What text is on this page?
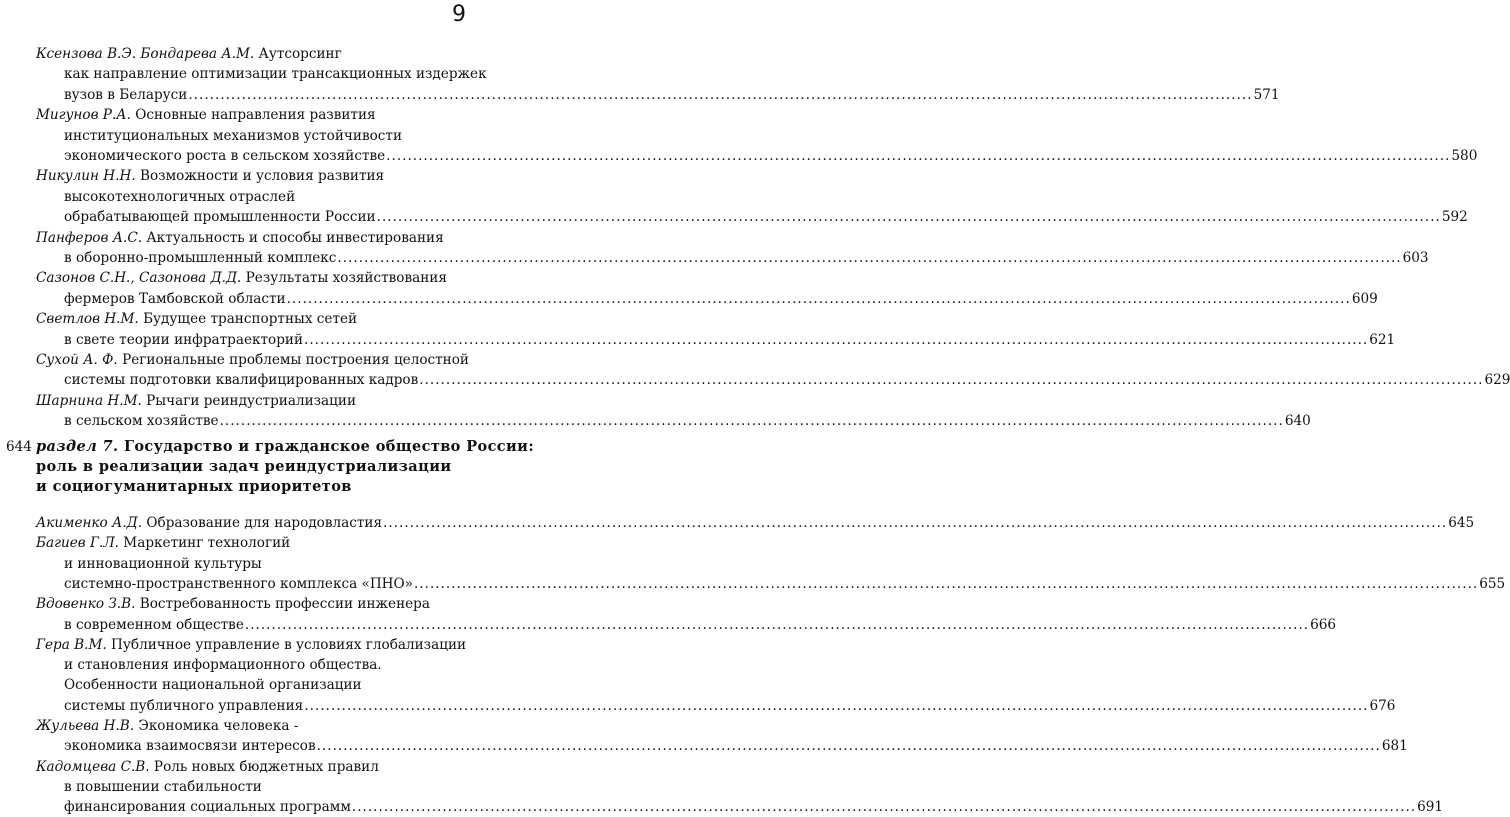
9
Ксензова В.Э. Бондарева А.М. Аутсорсинг
как направление оптимизации трансакционных издержек
вузов в Беларуси .....	571
Мигунов Р.А. Основные направления развития
институциональных механизмов устойчивости
экономического роста в сельском хозяйстве .....	580
Никулин Н.Н. Возможности и условия развития
высокотехнологичных отраслей
обрабатывающей промышленности России .....	592
Панферов А.С. Актуальность и способы инвестирования
в оборонно-промышленный комплекс .....	603
Сазонов С.Н., Сазонова Д.Д. Результаты хозяйствования
фермеров Тамбовской области .....	609
Светлов Н.М. Будущее транспортных сетей
в свете теории инфратраекторий .....	621
Сухой А. Ф. Региональные проблемы построения целостной
системы подготовки квалифицированных кадров .....	629
Шарнина Н.М. Рычаги реиндустриализации
в сельском хозяйстве .....	640
644 раздел 7. Государство и гражданское общество России:
роль в реализации задач реиндустриализации
и социогуманитарных приоритетов
Акименко А.Д. Образование для народовластия .....	645
Багиев Г.Л. Маркетинг технологий
и инновационной культуры
системно-пространственного комплекса «ПНО» .....	655
Вдовенко З.В. Востребованность профессии инженера
в современном обществе .....	666
Гера В.М. Публичное управление в условиях глобализации
и становления информационного общества.
Особенности национальной организации
системы публичного управления .....	676
Жульева Н.В. Экономика человека -
экономика взаимосвязи интересов .....	681
Кадомцева С.В. Роль новых бюджетных правил
в повышении стабильности
финансирования социальных программ .....	691
